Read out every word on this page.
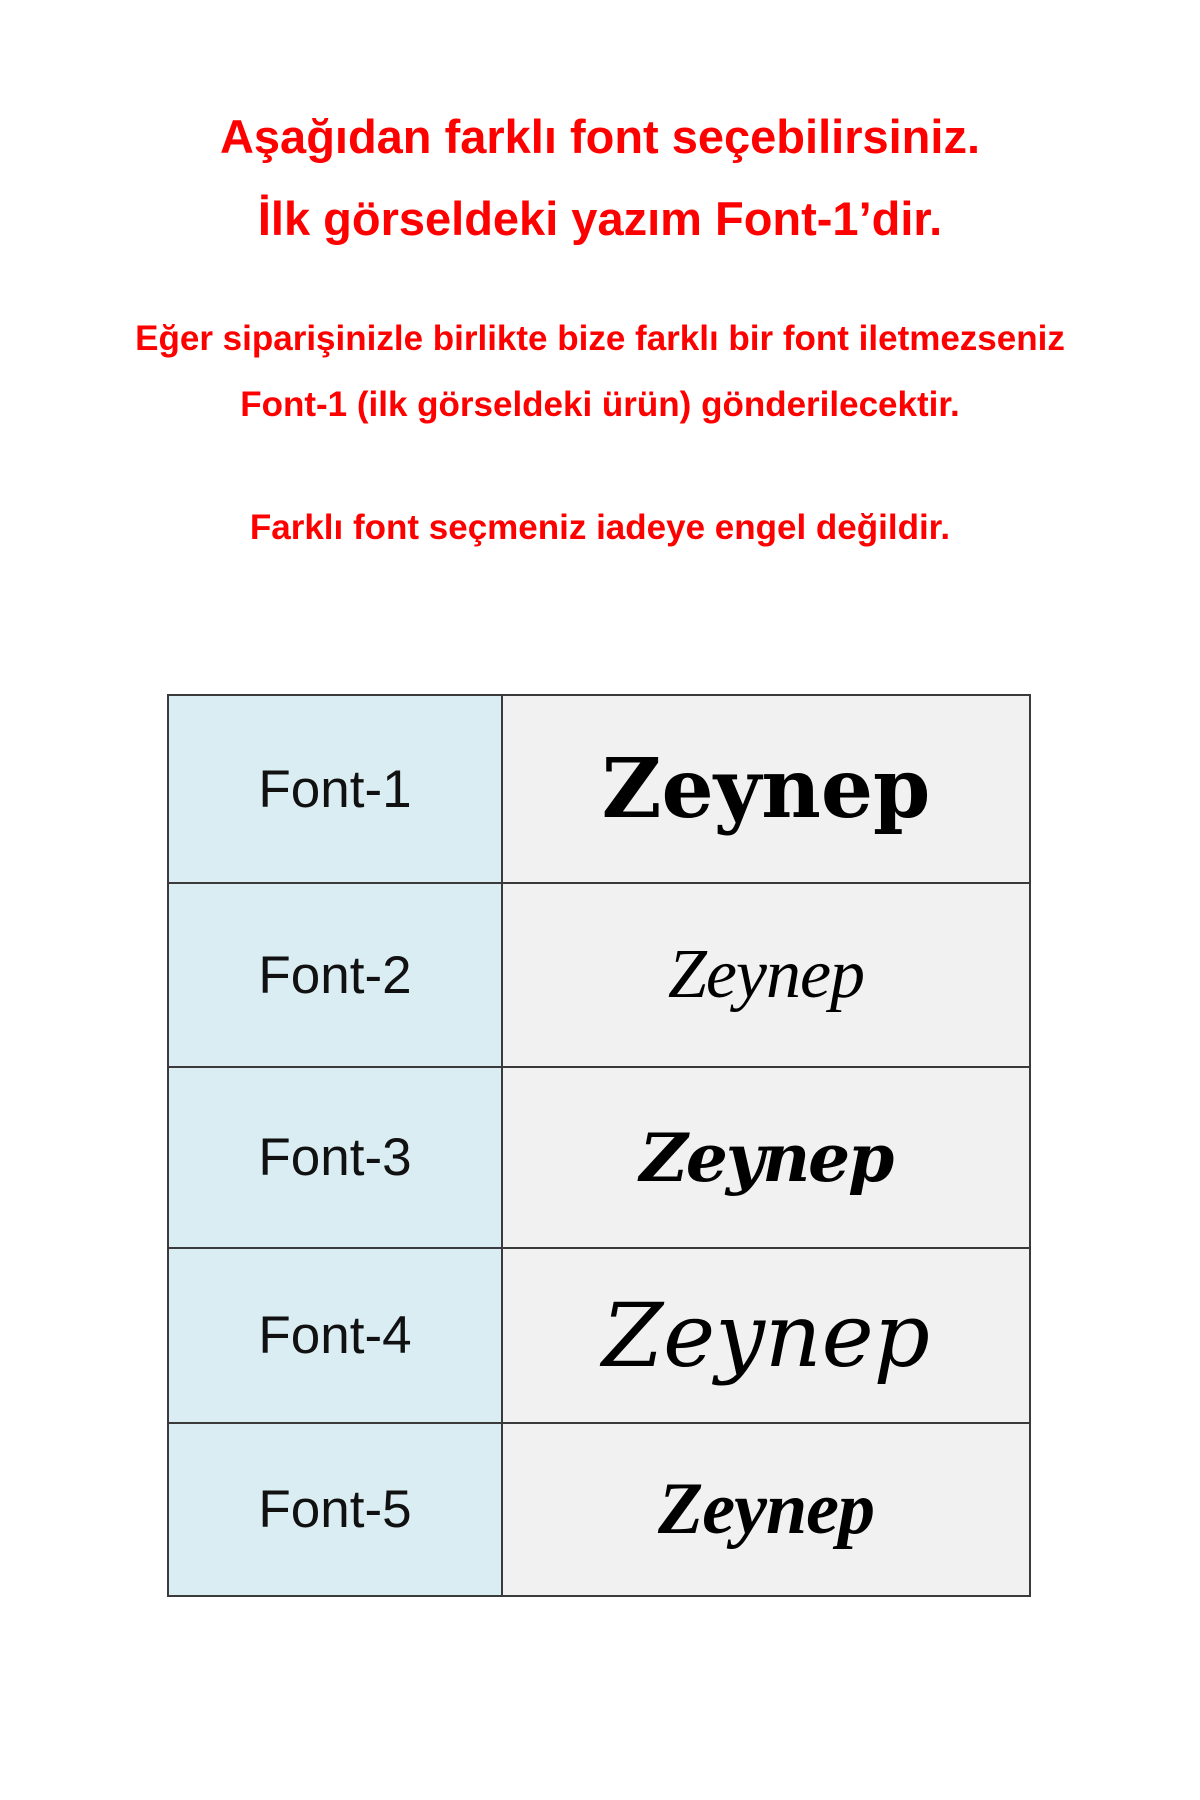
Aşağıdan farklı font seçebilirsiniz.

İlk görseldeki yazım Font-1’dir.

Eğer siparişinizle birlikte bize farklı bir font iletmezseniz

Font-1 (ilk görseldeki ürün) gönderilecektir.

Farklı font seçmeniz iadeye engel değildir.

Font-1	Zeynep
Font-2	Zeynep
Font-3	Zeynep
Font-4	Zeynep
Font-5	Zeynep
